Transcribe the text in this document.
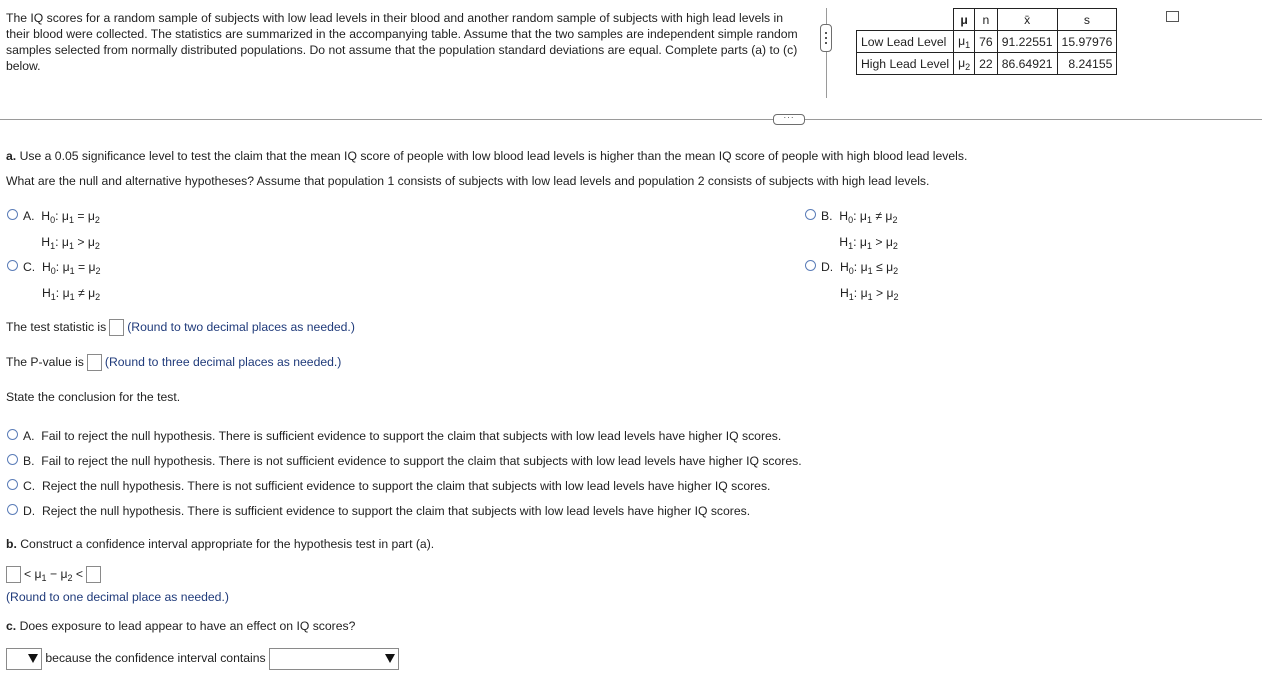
The IQ scores for a random sample of subjects with low lead levels in their blood and another random sample of subjects with high lead levels in their blood were collected. The statistics are summarized in the accompanying table. Assume that the two samples are independent simple random samples selected from normally distributed populations. Do not assume that the population standard deviations are equal. Complete parts (a) to (c) below.
	μ	n	x̄	s
Low Lead Level	$\mu_1$	76	91.22551	15.97976
High Lead Level	$\mu_2$	22	86.64921	8.24155
···
a. Use a 0.05 significance level to test the claim that the mean IQ score of people with low blood lead levels is higher than the mean IQ score of people with high blood lead levels.
What are the null and alternative hypotheses? Assume that population 1 consists of subjects with low lead levels and population 2 consists of subjects with high lead levels.
A. $H_0$: $\mu_1 = \mu_2$
$H_1$: $\mu_1 > \mu_2$
B. $H_0$: $\mu_1 \ne \mu_2$
$H_1$: $\mu_1 > \mu_2$
C. $H_0$: $\mu_1 = \mu_2$
$H_1$: $\mu_1 \ne \mu_2$
D. $H_0$: $\mu_1 \le \mu_2$
$H_1$: $\mu_1 > \mu_2$
The test statistic is (Round to two decimal places as needed.)
The P-value is (Round to three decimal places as needed.)
State the conclusion for the test.
A.
Fail to reject the null hypothesis. There is sufficient evidence to support the claim that subjects with low lead levels have higher IQ scores.
B.
Fail to reject the null hypothesis. There is not sufficient evidence to support the claim that subjects with low lead levels have higher IQ scores.
C.
Reject the null hypothesis. There is not sufficient evidence to support the claim that subjects with low lead levels have higher IQ scores.
D.
Reject the null hypothesis. There is sufficient evidence to support the claim that subjects with low lead levels have higher IQ scores.
b. Construct a confidence interval appropriate for the hypothesis test in part (a).
< $\mu_1 - \mu_2$ <
(Round to one decimal place as needed.)
c. Does exposure to lead appear to have an effect on IQ scores?
because the confidence interval contains
